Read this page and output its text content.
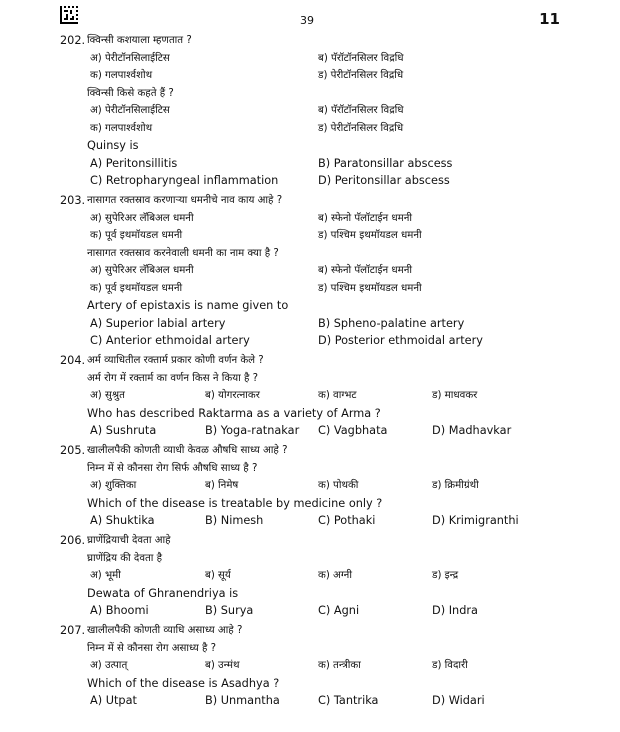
39	11
202. क्विन्सी कशयाला म्हणतात ?
अ) पेरीटॉनसिलाईटिस	ब) पॅरॉटॉनसिलर विद्रधि
क) गलपार्श्वशोथ	ड) पेरीटॉनसिलर विद्रधि
क्विन्सी किसे कहते हैं ?
अ) पेरीटॉनसिलाईटिस	ब) पॅरॉटॉनसिलर विद्रधि
क) गलपार्श्वशोथ	ड) पेरीटॉनसिलर विद्रधि
Quinsy is
A) Peritonsillitis	B) Paratonsillar abscess
C) Retropharyngeal inflammation	D) Peritonsillar abscess
203. नासागत रक्तस्राव करणाऱ्या धमनीचे नाव काय आहे ?
अ) सुपेरिअर लॅबिअल धमनी	ब) स्फेनो पॅलॉटाईन धमनी
क) पूर्व इथमॉयडल धमनी	ड) पश्चिम इथमॉयडल धमनी
नासागत रक्तस्राव करनेवाली धमनी का नाम क्या है ?
अ) सुपेरिअर लॅबिअल धमनी	ब) स्फेनो पॅलॉटाईन धमनी
क) पूर्व इथमॉयडल धमनी	ड) पश्चिम इथमॉयडल धमनी
Artery of epistaxis is name given to
A) Superior labial artery	B) Spheno-palatine artery
C) Anterior ethmoidal artery	D) Posterior ethmoidal artery
204. अर्म व्याधितील रक्तार्म प्रकार कोणी वर्णन केले ?
अर्म रोग में रक्तार्म का वर्णन किस ने किया है ?
अ) सुश्रुत	ब) योगरत्नाकर	क) वाग्भट	ड) माधवकर
Who has described Raktarma as a variety of Arma ?
A) Sushruta	B) Yoga-ratnakar C) Vagbhata	D) Madhavkar
205. खालीलपैकी कोणती व्याधी केवळ औषधि साध्य आहे ?
निम्न में से कौनसा रोग सिर्फ औषधि साध्य है ?
अ) शुक्तिका	ब) निमेष	क) पोथकी	ड) क्रिमीग्रंथी
Which of the disease is treatable by medicine only ?
A) Shuktika	B) Nimesh	C) Pothaki	D) Krimigranthi
206. घ्राणेंद्रियाची देवता आहे
घ्राणेंद्रिय की देवता है
अ) भूमी	ब) सूर्य	क) अग्नी	ड) इन्द्र
Dewata of Ghranendriya is
A) Bhoomi	B) Surya	C) Agni	D) Indra
207. खालीलपैकी कोणती व्याधि असाध्य आहे ?
निम्न में से कौनसा रोग असाध्य है ?
अ) उत्पात्	ब) उन्मंथ	क) तन्त्रीका	ड) विदारी
Which of the disease is Asadhya ?
A) Utpat	B) Unmantha	C) Tantrika	D) Widari
